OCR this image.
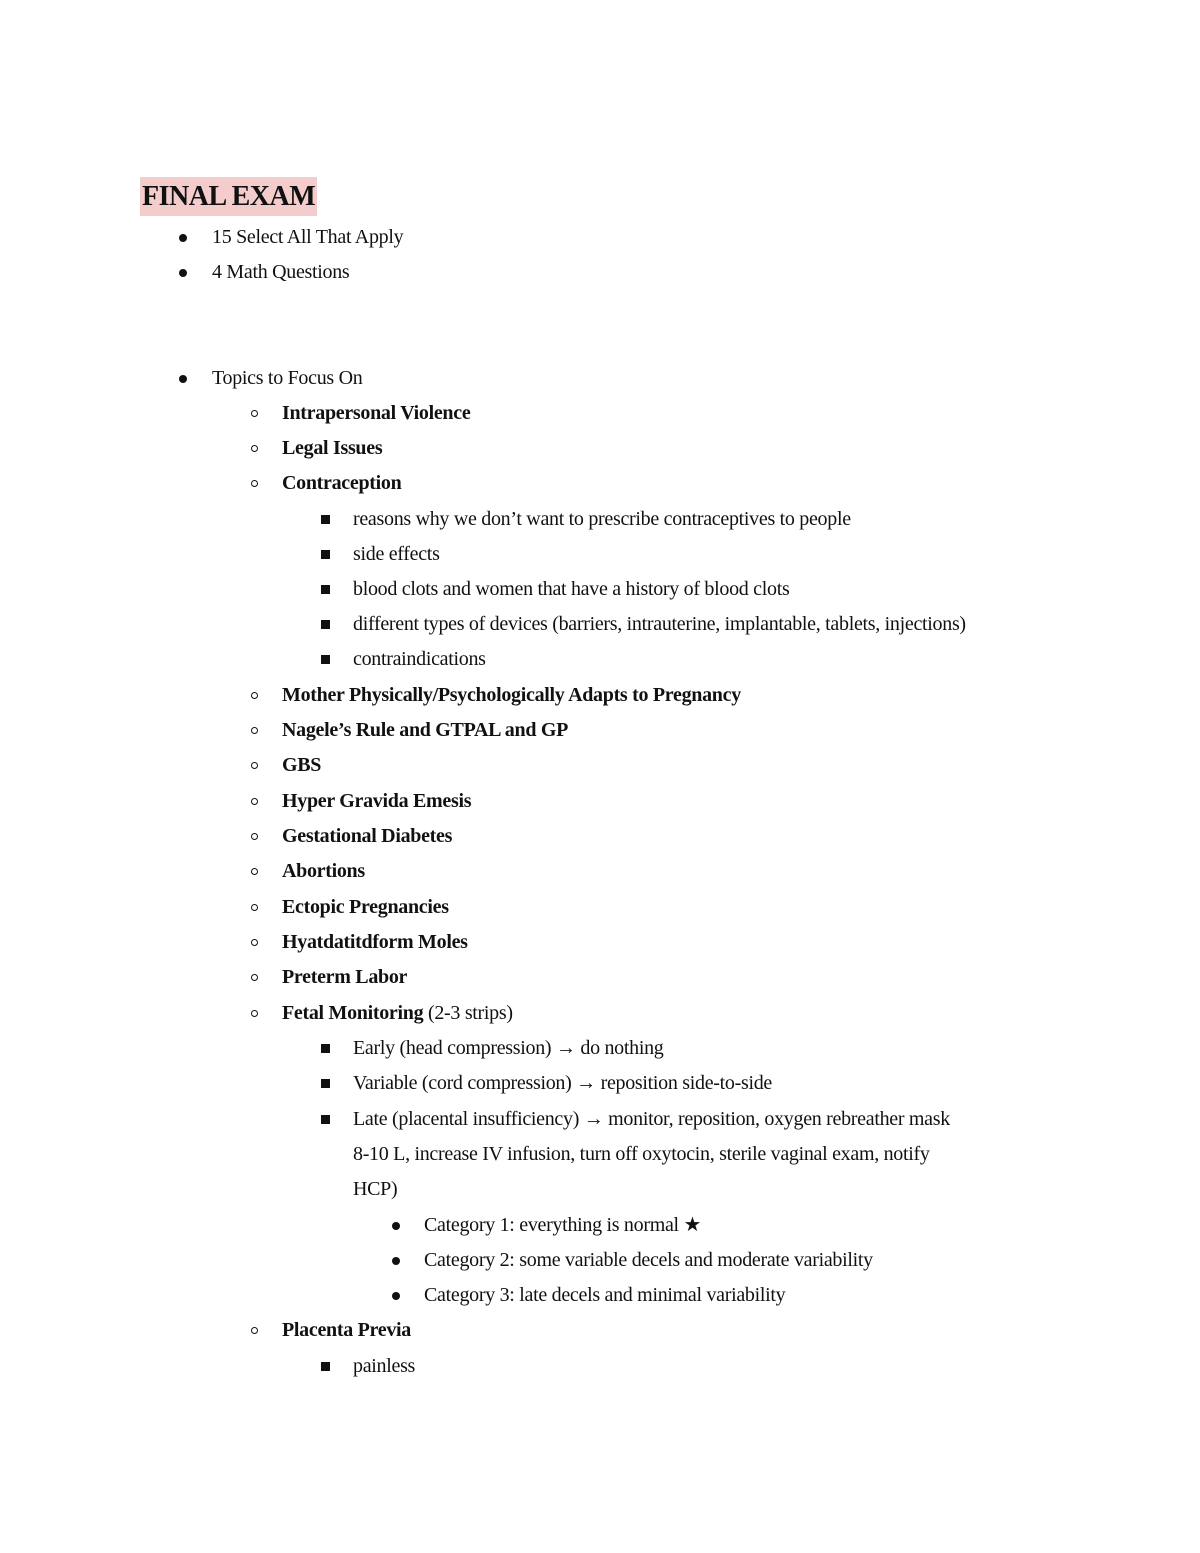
FINAL EXAM
15 Select All That Apply
4 Math Questions
Topics to Focus On
Intrapersonal Violence
Legal Issues
Contraception
reasons why we don’t want to prescribe contraceptives to people
side effects
blood clots and women that have a history of blood clots
different types of devices (barriers, intrauterine, implantable, tablets, injections)
contraindications
Mother Physically/Psychologically Adapts to Pregnancy
Nagele’s Rule and GTPAL and GP
GBS
Hyper Gravida Emesis
Gestational Diabetes
Abortions
Ectopic Pregnancies
Hyatdatitdform Moles
Preterm Labor
Fetal Monitoring (2-3 strips)
Early (head compression) → do nothing
Variable (cord compression) → reposition side-to-side
Late (placental insufficiency) → monitor, reposition, oxygen rebreather mask
8-10 L, increase IV infusion, turn off oxytocin, sterile vaginal exam, notify
HCP)
Category 1: everything is normal ★
Category 2: some variable decels and moderate variability
Category 3: late decels and minimal variability
Placenta Previa
painless
